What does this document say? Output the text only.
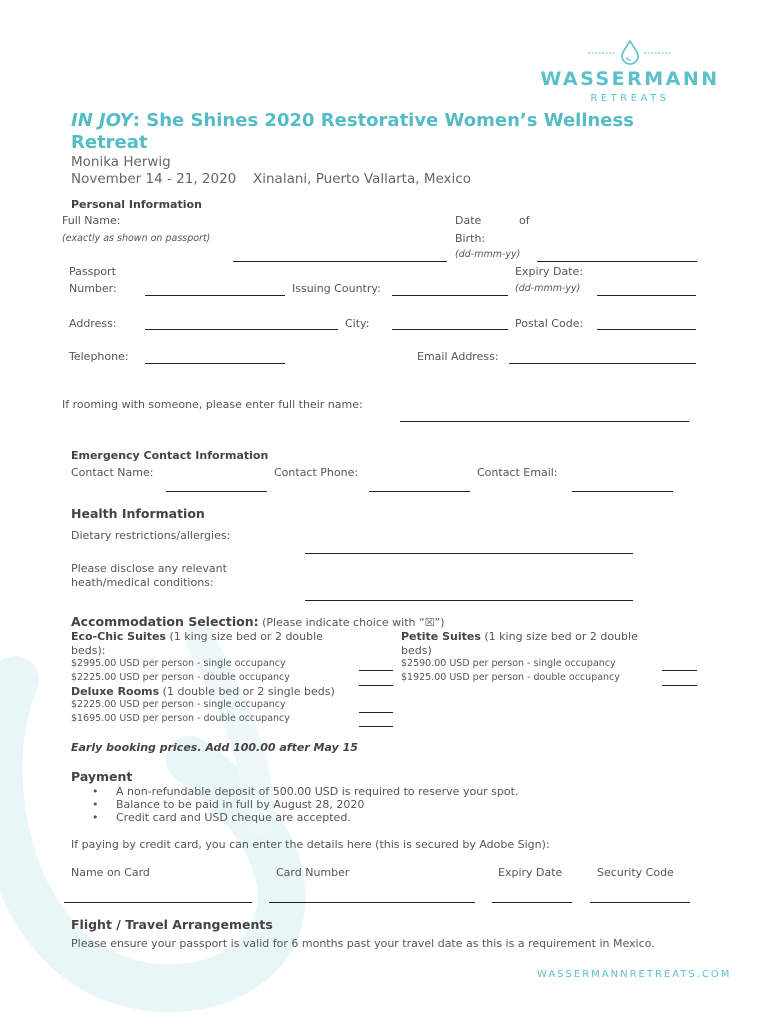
WASSERMANN
RETREATS
IN JOY: She Shines 2020 Restorative Women’s Wellness Retreat
Monika Herwig
November 14 - 21, 2020 Xinalani, Puerto Vallarta, Mexico
Personal Information
Full Name:
(exactly as shown on passport)
Date	of
Birth:
(dd-mmm-yy)
Passport
Number:	Issuing Country:
Expiry Date:
(dd-mmm-yy)
Address:	City:	Postal Code:
Telephone:	Email Address:
If rooming with someone, please enter full their name:
Emergency Contact Information
Contact Name:	Contact Phone:	Contact Email:
Health Information
Dietary restrictions/allergies:
Please disclose any relevant
heath/medical conditions:
Accommodation Selection: (Please indicate choice with “☒”)
Eco-Chic Suites (1 king size bed or 2 double
beds):
$2995.00 USD per person - single occupancy
$2225.00 USD per person - double occupancy
Deluxe Rooms (1 double bed or 2 single beds)
$2225.00 USD per person - single occupancy
$1695.00 USD per person - double occupancy
Petite Suites (1 king size bed or 2 double
beds)
$2590.00 USD per person - single occupancy
$1925.00 USD per person - double occupancy
Early booking prices. Add 100.00 after May 15
Payment
• A non-refundable deposit of 500.00 USD is required to reserve your spot.
• Balance to be paid in full by August 28, 2020
• Credit card and USD cheque are accepted.
If paying by credit card, you can enter the details here (this is secured by Adobe Sign):
Name on Card	Card Number	Expiry Date	Security Code
Flight / Travel Arrangements
Please ensure your passport is valid for 6 months past your travel date as this is a requirement in Mexico.
WASSERMANNRETREATS.COM
